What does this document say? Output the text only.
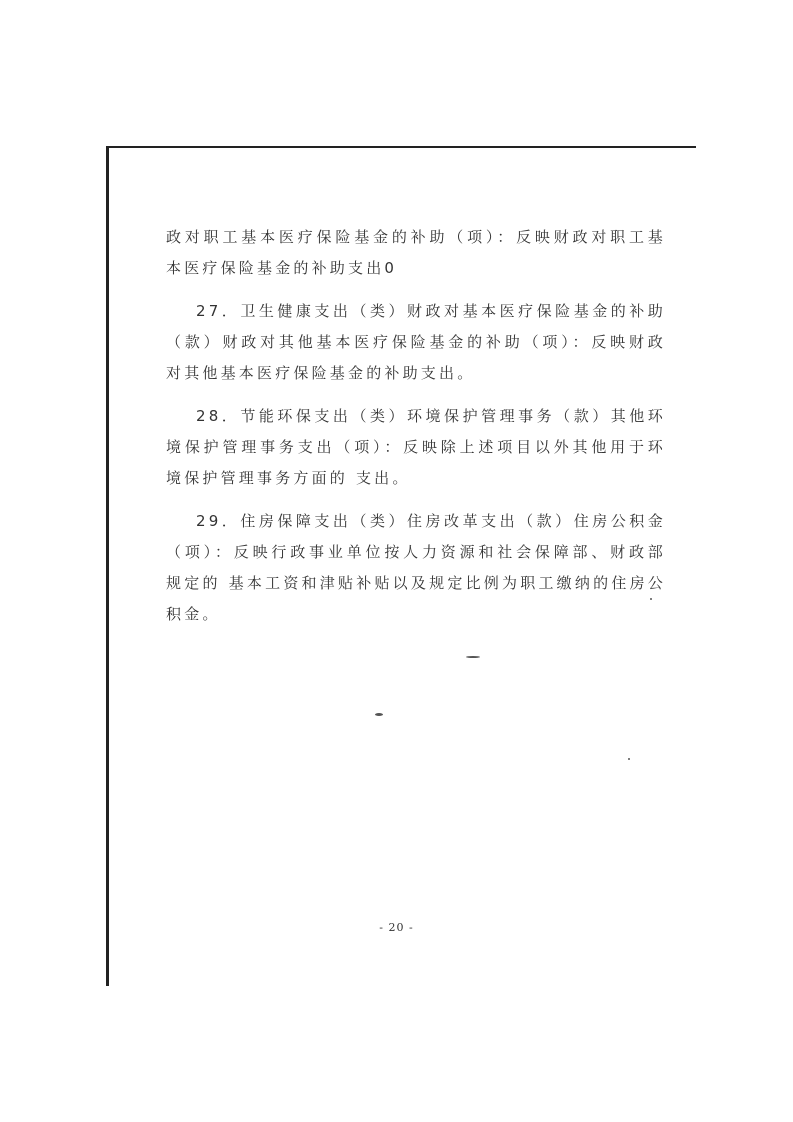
政对职工基本医疗保险基金的补助（项）：反映财政对职工基本医疗保险基金的补助支出0

27．卫生健康支出（类）财政对基本医疗保险基金的补助（款）财政对其他基本医疗保险基金的补助（项）：反映财政对其他基本医疗保险基金的补助支出。

28．节能环保支出（类）环境保护管理事务（款）其他环境保护管理事务支出（项）：反映除上述项目以外其他用于环境保护管理事务方面的 支出。

29．住房保障支出（类）住房改革支出（款）住房公积金（项）：反映行政事业单位按人力资源和社会保障部、财政部规定的 基本工资和津贴补贴以及规定比例为职工缴纳的住房公积金。

- 20 -
